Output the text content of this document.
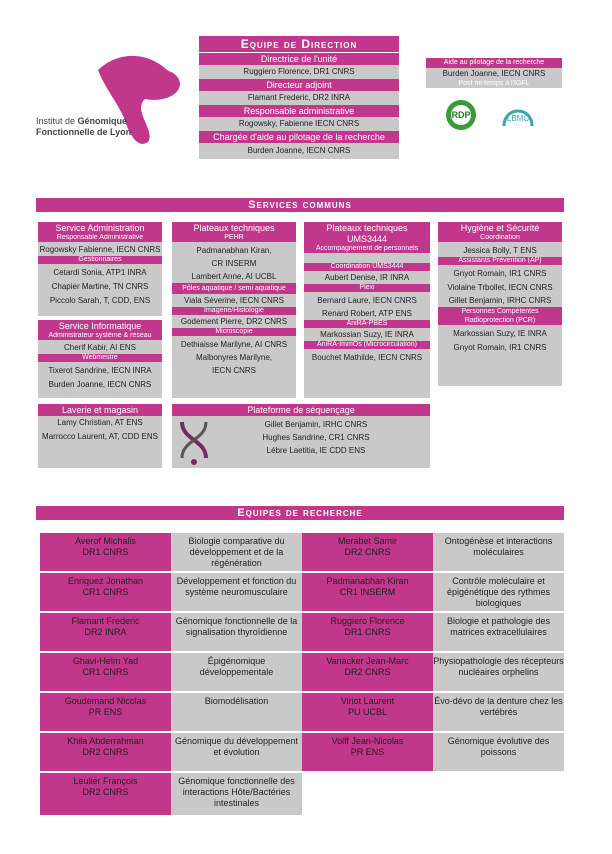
Institut de Génomique
Fonctionnelle de Lyon
Equipe de Direction
Directrice de l'unité
Ruggiero Florence, DR1 CNRS
Directeur adjoint
Flamant Frederic, DR2 INRA
Responsable administrative
Rogowsky, Fabienne IECN CNRS
Chargée d'aide au pilotage de la recherche
Burden Joanne, IECN CNRS
Aide au pilotage de la recherche
Burden Joanne, IECN CNRS
Post mi-temps à l'IGFL
RDP	LBMC
Services communs
Service Administration
Responsable Administrative
Rogowsky Fabienne, IECN CNRS
Gestionnaires
Cetardi Sonia, ATP1 INRA
Chapier Martine, TN CNRS
Piccolo Sarah, T, CDD, ENS
Service Informatique
Administrateur système & réseau
Cherif Kabir, AI ENS
Webmestre
Tixerot Sandrine, IECN INRA
Burden Joanne, IECN CNRS
Laverie et magasin
Lamy Christian, AT ENS
Marrocco Laurent, AT, CDD ENS
Plateaux techniques
PEHR
Padmanabhan Kiran,
CR INSERM
Lambert Anne, AI UCBL
Pôles aquatique / semi aquatique
Viala Séverine, IECN CNRS
Imagerie/Histologie
Godement Pierre, DR2 CNRS
Microscopie
Dethiaisse Marilyne, AI CNRS
Malbonyres Marilyne,
IECN CNRS
Plateaux techniques
UMS3444
Accompagnement de personnels
Coordination UMS3444
Aubert Denise, IR INRA
Plexi
Bernard Laure, IECN CNRS
Renard Robert, ATP ENS
AniRA-PBES
Markossian Suzy, IE INRA
AniRA-ImmOs (Microcirculation)
Bouchet Mathilde, IECN CNRS
Hygiène et Sécurité
Coordination
Jessica Bolly, T ENS
Assistants Prévention (AP)
Gnyot Romain, IR1 CNRS
Violaine Trbollet, IECN CNRS
Gillet Benjamin, IRHC CNRS
Personnes Compétentes Radioprotection (PCR)
Markossian Suzy, IE INRA
Gnyot Romain, IR1 CNRS
Plateforme de séquençage
Gillet Benjamin, IRHC CNRS
Hughes Sandrine, CR1 CNRS
Lébre Laetitia, IE CDD ENS
Equipes de recherche
Averof Michalis
DR1 CNRS
Biologie comparative du développement et de la régénération
Merabet Samir
DR2 CNRS
Ontogénèse et interactions moléculaires
Enriquez Jonathan
CR1 CNRS
Développement et fonction du système neuromusculaire
Padmanabhan Kiran
CR1 INSERM
Contrôle moléculaire et épigénétique des rythmes biologiques
Flamant Frederic
DR2 INRA
Génomique fonctionnelle de la signalisation thyroïdienne
Ruggiero Florence
DR1 CNRS
Biologie et pathologie des matrices extracellulaires
Ghavi-Helm Yad
CR1 CNRS
Épigénomique développementale
Vanacker Jean-Marc
DR2 CNRS
Physiopathologie des récepteurs nucléaires orphelins
Goudemand Nicolas
PR ENS
Biomodélisation	Viriot Laurent
PU UCBL
Évo-dévo de la denture chez les vertébrés
Khila Abderrahman
DR2 CNRS
Génomique du développement et évolution
Volff Jean-Nicolas
PR ENS
Génomique évolutive des poissons
Leulier François
DR2 CNRS
Génomique fonctionnelle des interactions Hôte/Bactéries intestinales
